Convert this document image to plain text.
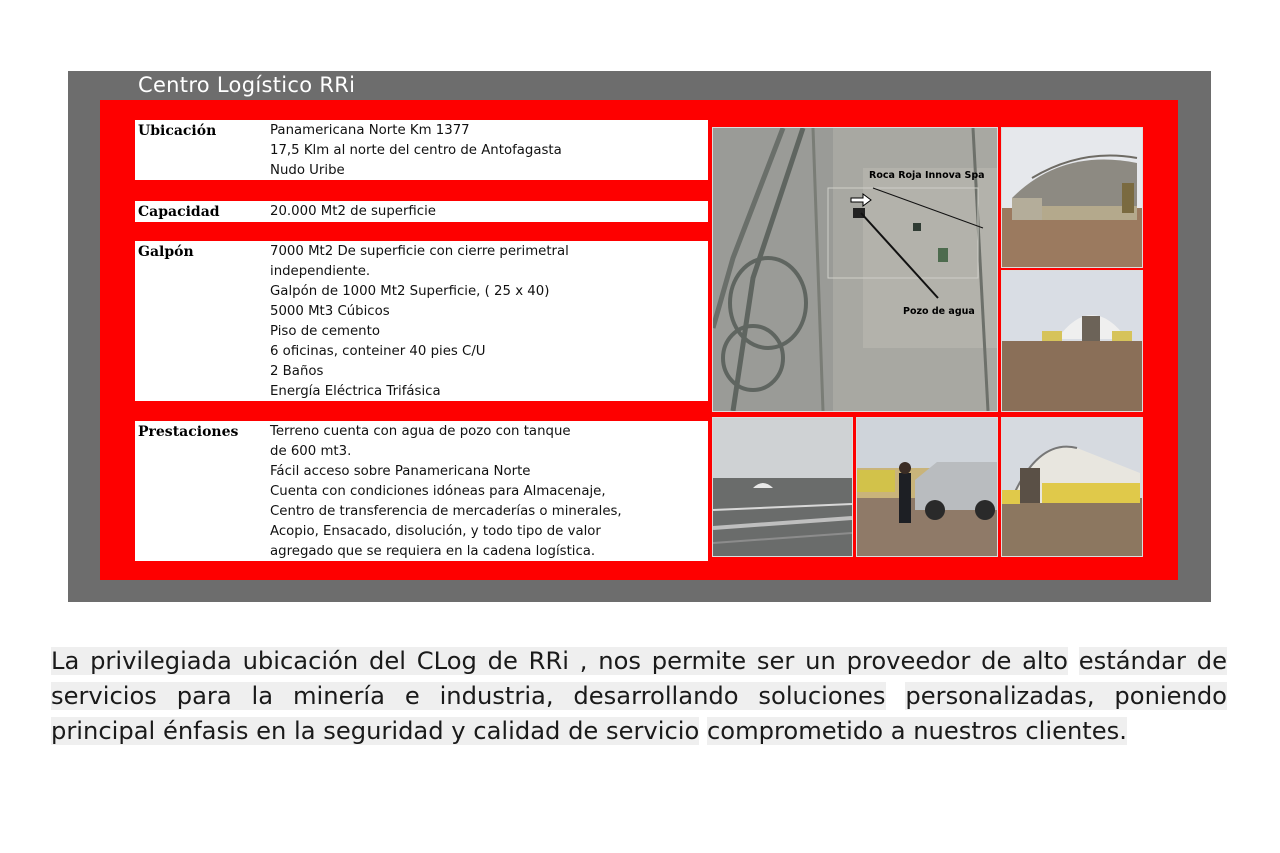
Centro Logístico RRi
Ubicación	Panamericana Norte Km 1377
17,5 Klm al norte del centro de Antofagasta
Nudo Uribe
Capacidad	20.000 Mt2 de superficie
Galpón	7000 Mt2 De superficie con cierre perimetral
independiente.
Galpón de 1000 Mt2 Superficie, ( 25 x 40)
5000 Mt3 Cúbicos
Piso de cemento
6 oficinas, conteiner 40 pies C/U
2 Baños
Energía Eléctrica Trifásica
Prestaciones Terreno cuenta con agua de pozo con tanque
de 600 mt3.
Fácil acceso sobre Panamericana Norte
Cuenta con condiciones idóneas para Almacenaje,
Centro de transferencia de mercaderías o minerales,
Acopio, Ensacado, disolución, y todo tipo de valor
agregado que se requiera en la cadena logística.
Roca Roja Innova Spa
Pozo de agua
La privilegiada ubicación del CLog de RRi , nos permite ser un proveedor de alto estándar de servicios para la minería e industria, desarrollando soluciones personalizadas, poniendo principal énfasis en la seguridad y calidad de servicio comprometido a nuestros clientes.
